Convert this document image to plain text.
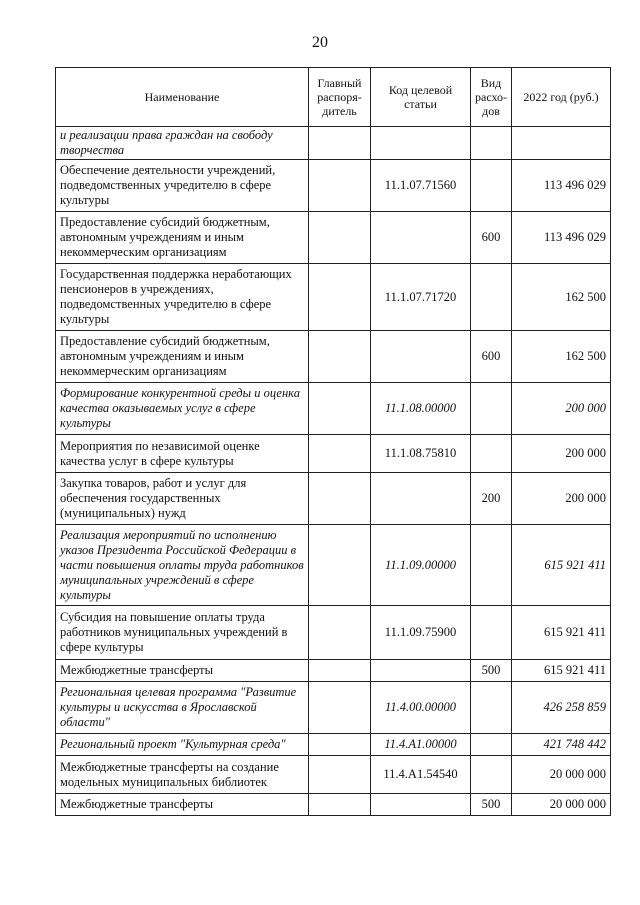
20
Наименование	Главный распоря-дитель	Код целевой статьи	Вид расхо-дов	2022 год (руб.)
и реализации права граждан на свободу творчества				
Обеспечение деятельности учреждений, подведомственных учредителю в сфере культуры		11.1.07.71560		113 496 029
Предоставление субсидий бюджетным, автономным учреждениям и иным некоммерческим организациям			600	113 496 029
Государственная поддержка неработающих пенсионеров в учреждениях, подведомственных учредителю в сфере культуры		11.1.07.71720		162 500
Предоставление субсидий бюджетным, автономным учреждениям и иным некоммерческим организациям			600	162 500
Формирование конкурентной среды и оценка качества оказываемых услуг в сфере культуры		11.1.08.00000		200 000
Мероприятия по независимой оценке качества услуг в сфере культуры		11.1.08.75810		200 000
Закупка товаров, работ и услуг для обеспечения государственных (муниципальных) нужд			200	200 000
Реализация мероприятий по исполнению указов Президента Российской Федерации в части повышения оплаты труда работников муниципальных учреждений в сфере культуры		11.1.09.00000		615 921 411
Субсидия на повышение оплаты труда работников муниципальных учреждений в сфере культуры		11.1.09.75900		615 921 411
Межбюджетные трансферты			500	615 921 411
Региональная целевая программа "Развитие культуры и искусства в Ярославской области"		11.4.00.00000		426 258 859
Региональный проект "Культурная среда"		11.4.A1.00000		421 748 442
Межбюджетные трансферты на создание модельных муниципальных библиотек		11.4.A1.54540		20 000 000
Межбюджетные трансферты			500	20 000 000
